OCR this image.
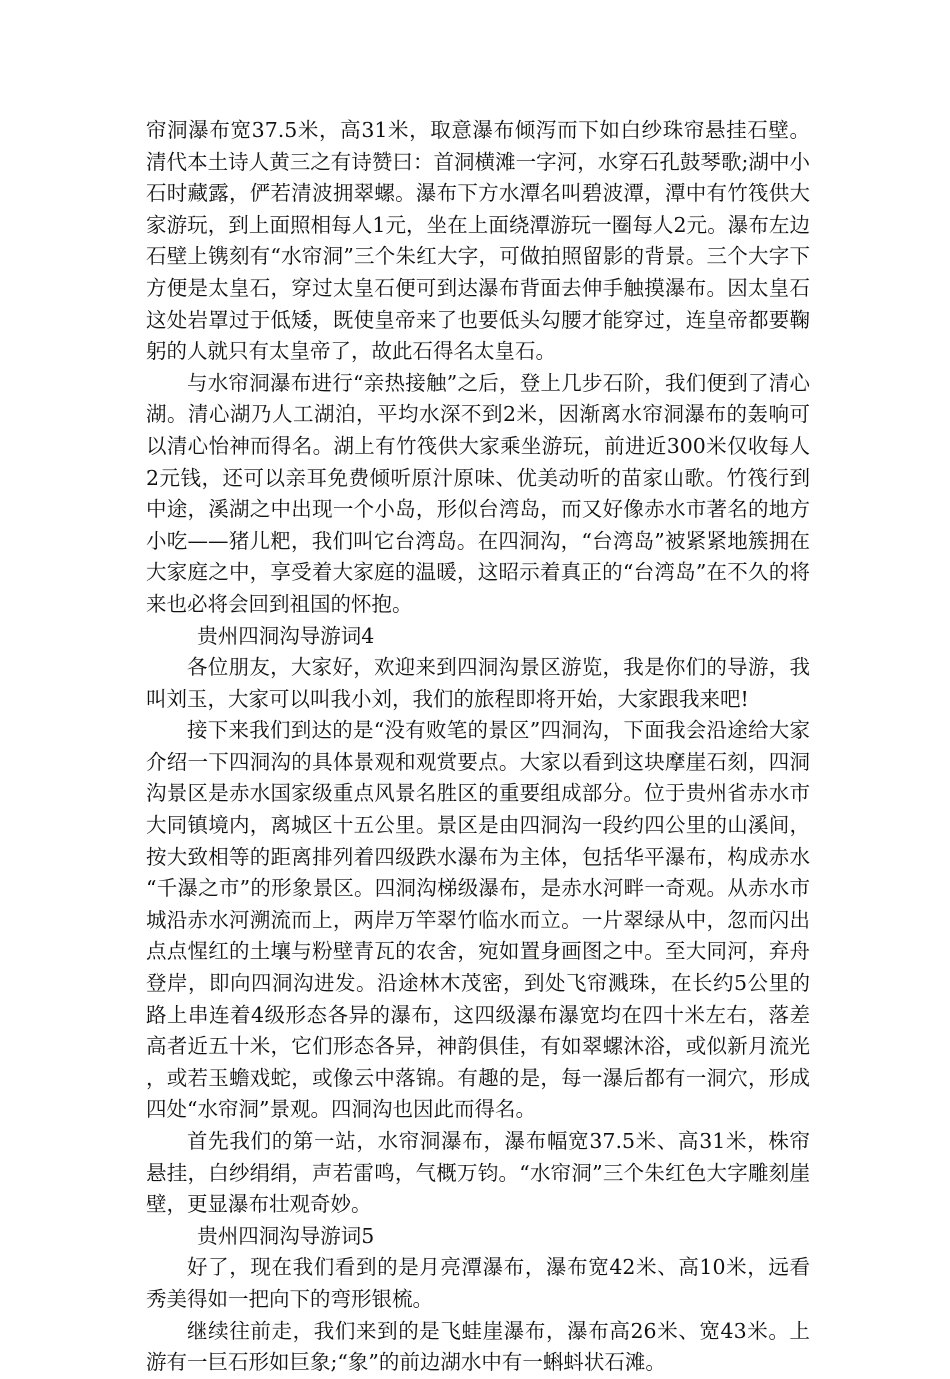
帘洞瀑布宽37.5米，高31米，取意瀑布倾泻而下如白纱珠帘悬挂石壁。清代本土诗人黄三之有诗赞曰：首洞横滩一字河，水穿石孔鼓琴歌;湖中小石时藏露，俨若清波拥翠螺。瀑布下方水潭名叫碧波潭，潭中有竹筏供大家游玩，到上面照相每人1元，坐在上面绕潭游玩一圈每人2元。瀑布左边石壁上镌刻有“水帘洞”三个朱红大字，可做拍照留影的背景。三个大字下方便是太皇石，穿过太皇石便可到达瀑布背面去伸手触摸瀑布。因太皇石这处岩罩过于低矮，既使皇帝来了也要低头勾腰才能穿过，连皇帝都要鞠躬的人就只有太皇帝了，故此石得名太皇石。

与水帘洞瀑布进行“亲热接触”之后，登上几步石阶，我们便到了清心湖。清心湖乃人工湖泊，平均水深不到2米，因渐离水帘洞瀑布的轰响可以清心怡神而得名。湖上有竹筏供大家乘坐游玩，前进近300米仅收每人2元钱，还可以亲耳免费倾听原汁原味、优美动听的苗家山歌。竹筏行到中途，溪湖之中出现一个小岛，形似台湾岛，而又好像赤水市著名的地方小吃——猪儿粑，我们叫它台湾岛。在四洞沟，“台湾岛”被紧紧地簇拥在大家庭之中，享受着大家庭的温暖，这昭示着真正的“台湾岛”在不久的将来也必将会回到祖国的怀抱。

贵州四洞沟导游词4

各位朋友，大家好，欢迎来到四洞沟景区游览，我是你们的导游，我叫刘玉，大家可以叫我小刘，我们的旅程即将开始，大家跟我来吧!

接下来我们到达的是“没有败笔的景区”四洞沟，下面我会沿途给大家介绍一下四洞沟的具体景观和观赏要点。大家以看到这块摩崖石刻，四洞沟景区是赤水国家级重点风景名胜区的重要组成部分。位于贵州省赤水市大同镇境内，离城区十五公里。景区是由四洞沟一段约四公里的山溪间，按大致相等的距离排列着四级跌水瀑布为主体，包括华平瀑布，构成赤水“千瀑之市”的形象景区。四洞沟梯级瀑布，是赤水河畔一奇观。从赤水市城沿赤水河溯流而上，两岸万竿翠竹临水而立。一片翠绿从中，忽而闪出点点惺红的土壤与粉壁青瓦的农舍，宛如置身画图之中。至大同河，弃舟登岸，即向四洞沟进发。沿途林木茂密，到处飞帘溅珠，在长约5公里的路上串连着4级形态各异的瀑布，这四级瀑布瀑宽均在四十米左右，落差高者近五十米，它们形态各异，神韵俱佳，有如翠螺沐浴，或似新月流光，或若玉蟾戏蛇，或像云中落锦。有趣的是，每一瀑后都有一洞穴，形成四处“水帘洞”景观。四洞沟也因此而得名。

首先我们的第一站，水帘洞瀑布，瀑布幅宽37.5米、高31米，株帘悬挂，白纱绢绢，声若雷鸣，气概万钧。“水帘洞”三个朱红色大字雕刻崖壁，更显瀑布壮观奇妙。

贵州四洞沟导游词5

好了，现在我们看到的是月亮潭瀑布，瀑布宽42米、高10米，远看秀美得如一把向下的弯形银梳。

继续往前走，我们来到的是飞蛙崖瀑布，瀑布高26米、宽43米。上游有一巨石形如巨象;“象”的前边湖水中有一蝌蚪状石滩。
